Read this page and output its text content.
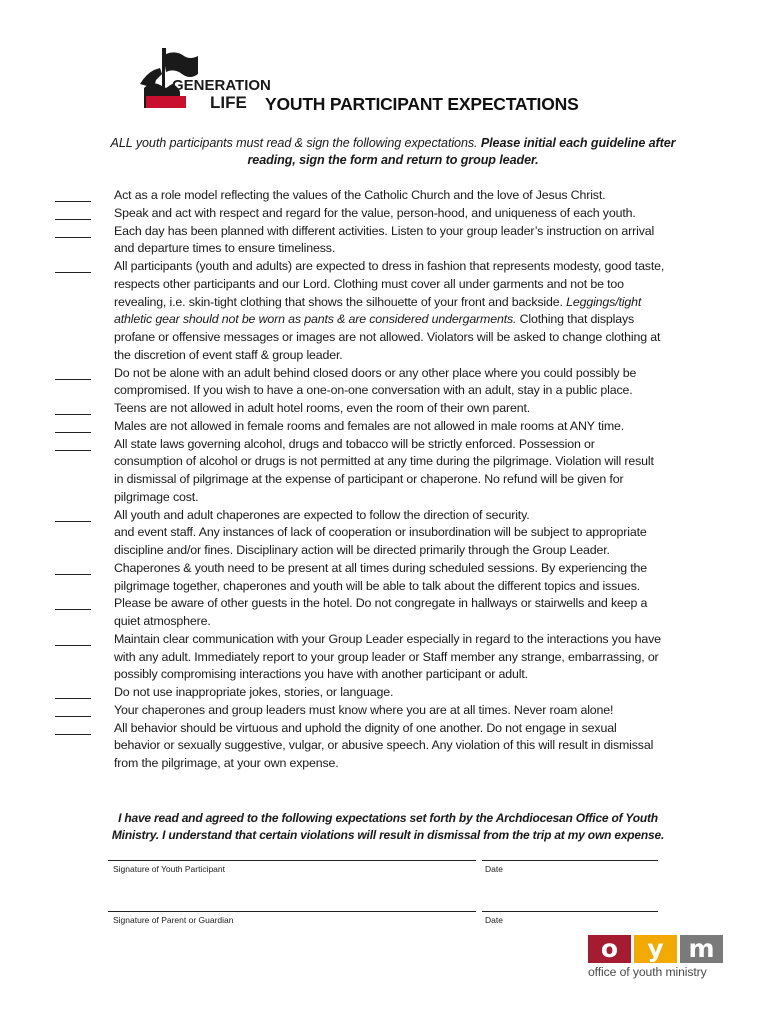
GENERATION
LIFE YOUTH PARTICIPANT EXPECTATIONS
ALL youth participants must read & sign the following expectations. Please initial each guideline after reading, sign the form and return to group leader.
Act as a role model reflecting the values of the Catholic Church and the love of Jesus Christ.
Speak and act with respect and regard for the value, person-hood, and uniqueness of each youth.
Each day has been planned with different activities. Listen to your group leader’s instruction on arrival and departure times to ensure timeliness.
All participants (youth and adults) are expected to dress in fashion that represents modesty, good taste, respects other participants and our Lord. Clothing must cover all under garments and not be too revealing, i.e. skin-tight clothing that shows the silhouette of your front and backside. Leggings/tight athletic gear should not be worn as pants & are considered undergarments. Clothing that displays profane or offensive messages or images are not allowed. Violators will be asked to change clothing at the discretion of event staff & group leader.
Do not be alone with an adult behind closed doors or any other place where you could possibly be compromised. If you wish to have a one-on-one conversation with an adult, stay in a public place.
Teens are not allowed in adult hotel rooms, even the room of their own parent.
Males are not allowed in female rooms and females are not allowed in male rooms at ANY time.
All state laws governing alcohol, drugs and tobacco will be strictly enforced. Possession or consumption of alcohol or drugs is not permitted at any time during the pilgrimage. Violation will result in dismissal of pilgrimage at the expense of participant or chaperone. No refund will be given for pilgrimage cost.
All youth and adult chaperones are expected to follow the direction of security.
and event staff. Any instances of lack of cooperation or insubordination will be subject to appropriate discipline and/or fines. Disciplinary action will be directed primarily through the Group Leader.
Chaperones & youth need to be present at all times during scheduled sessions. By experiencing the pilgrimage together, chaperones and youth will be able to talk about the different topics and issues.
Please be aware of other guests in the hotel. Do not congregate in hallways or stairwells and keep a quiet atmosphere.
Maintain clear communication with your Group Leader especially in regard to the interactions you have with any adult. Immediately report to your group leader or Staff member any strange, embarrassing, or possibly compromising interactions you have with another participant or adult.
Do not use inappropriate jokes, stories, or language.
Your chaperones and group leaders must know where you are at all times. Never roam alone!
All behavior should be virtuous and uphold the dignity of one another. Do not engage in sexual behavior or sexually suggestive, vulgar, or abusive speech. Any violation of this will result in dismissal from the pilgrimage, at your own expense.
I have read and agreed to the following expectations set forth by the Archdiocesan Office of Youth Ministry. I understand that certain violations will result in dismissal from the trip at my own expense.
Signature of Youth Participant	Date
Signature of Parent or Guardian	Date
o	y m
office of youth ministry
